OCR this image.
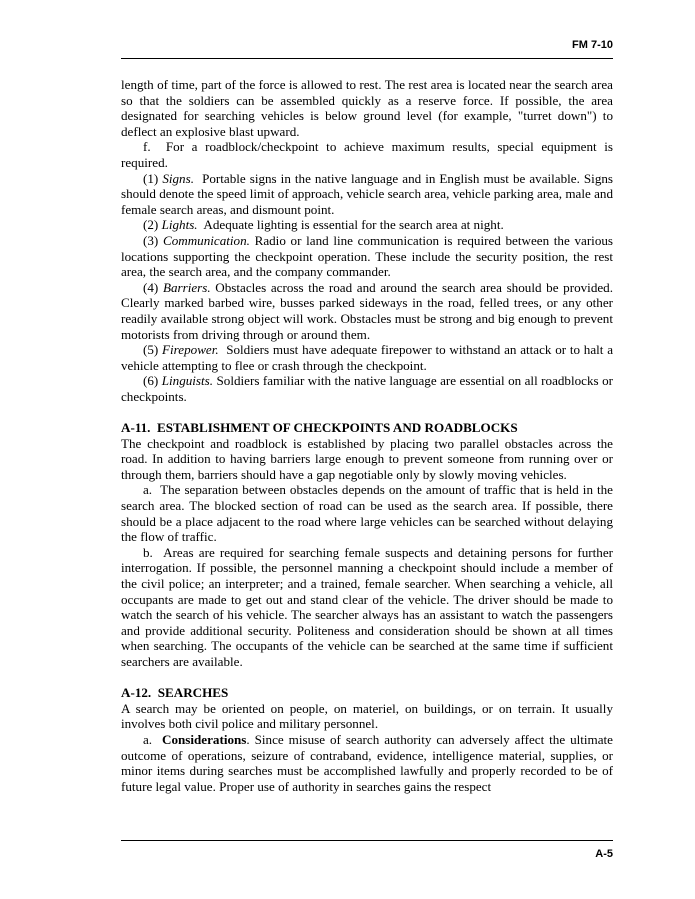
FM 7-10

length of time, part of the force is allowed to rest. The rest area is located near the search area so that the soldiers can be assembled quickly as a reserve force. If possible, the area designated for searching vehicles is below ground level (for example, "turret down") to deflect an explosive blast upward.

f.  For a roadblock/checkpoint to achieve maximum results, special equipment is required.

(1) Signs. Portable signs in the native language and in English must be available. Signs should denote the speed limit of approach, vehicle search area, vehicle parking area, male and female search areas, and dismount point.

(2) Lights. Adequate lighting is essential for the search area at night.

(3) Communication. Radio or land line communication is required between the various locations supporting the checkpoint operation. These include the security position, the rest area, the search area, and the company commander.

(4) Barriers. Obstacles across the road and around the search area should be provided. Clearly marked barbed wire, busses parked sideways in the road, felled trees, or any other readily available strong object will work. Obstacles must be strong and big enough to prevent motorists from driving through or around them.

(5) Firepower. Soldiers must have adequate firepower to withstand an attack or to halt a vehicle attempting to flee or crash through the checkpoint.

(6) Linguists. Soldiers familiar with the native language are essential on all roadblocks or checkpoints.

A-11.  ESTABLISHMENT OF CHECKPOINTS AND ROADBLOCKS

The checkpoint and roadblock is established by placing two parallel obstacles across the road. In addition to having barriers large enough to prevent someone from running over or through them, barriers should have a gap negotiable only by slowly moving vehicles.

a.  The separation between obstacles depends on the amount of traffic that is held in the search area. The blocked section of road can be used as the search area. If possible, there should be a place adjacent to the road where large vehicles can be searched without delaying the flow of traffic.

b.  Areas are required for searching female suspects and detaining persons for further interrogation. If possible, the personnel manning a checkpoint should include a member of the civil police; an interpreter; and a trained, female searcher. When searching a vehicle, all occupants are made to get out and stand clear of the vehicle. The driver should be made to watch the search of his vehicle. The searcher always has an assistant to watch the passengers and provide additional security. Politeness and consideration should be shown at all times when searching. The occupants of the vehicle can be searched at the same time if sufficient searchers are available.

A-12.  SEARCHES

A search may be oriented on people, on materiel, on buildings, or on terrain. It usually involves both civil police and military personnel.

a.  Considerations. Since misuse of search authority can adversely affect the ultimate outcome of operations, seizure of contraband, evidence, intelligence material, supplies, or minor items during searches must be accomplished lawfully and properly recorded to be of future legal value. Proper use of authority in searches gains the respect

A-5
